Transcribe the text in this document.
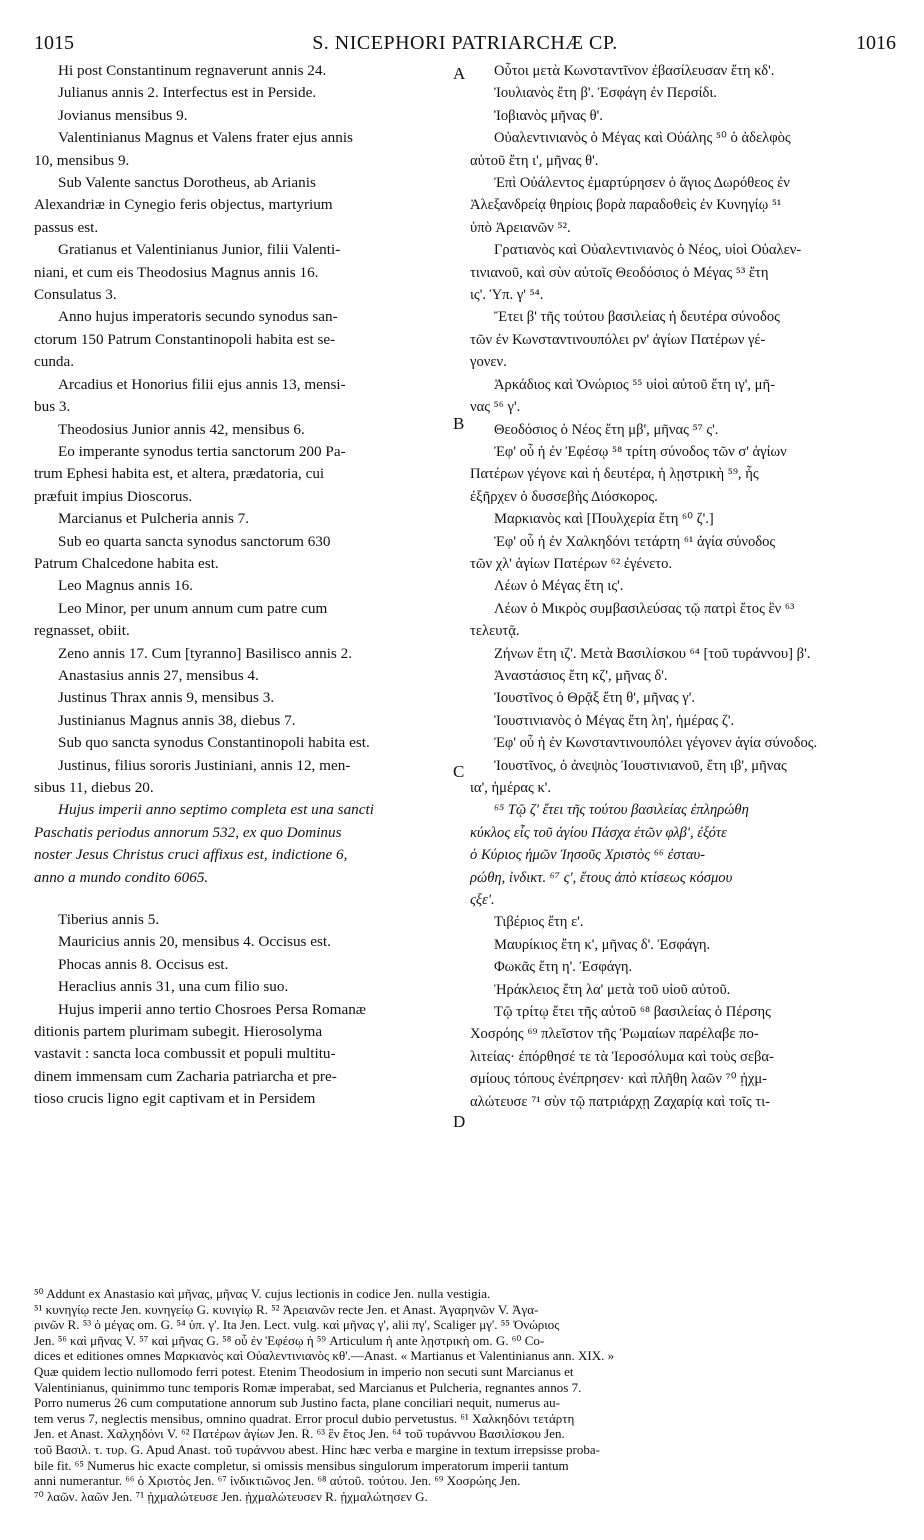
1015	S. NICEPHORI PATRIARCHÆ CP.	1016
Hi post Constantinum regnaverunt annis 24.
Julianus annis 2. Interfectus est in Perside.
Jovianus mensibus 9.
Valentinianus Magnus et Valens frater ejus annis
10, mensibus 9.
Sub Valente sanctus Dorotheus, ab Arianis
Alexandriæ in Cynegio feris objectus, martyrium
passus est.
Gratianus et Valentinianus Junior, filii Valenti-
niani, et cum eis Theodosius Magnus annis 16.
Consulatus 3.
Anno hujus imperatoris secundo synodus san-
ctorum 150 Patrum Constantinopoli habita est se-
cunda.
Arcadius et Honorius filii ejus annis 13, mensi-
bus 3.
Theodosius Junior annis 42, mensibus 6.
Eo imperante synodus tertia sanctorum 200 Pa-
trum Ephesi habita est, et altera, prædatoria, cui
præfuit impius Dioscorus.
Marcianus et Pulcheria annis 7.
Sub eo quarta sancta synodus sanctorum 630
Patrum Chalcedone habita est.
Leo Magnus annis 16.
Leo Minor, per unum annum cum patre cum
regnasset, obiit.
Zeno annis 17. Cum [tyranno] Basilisco annis 2.
Anastasius annis 27, mensibus 4.
Justinus Thrax annis 9, mensibus 3.
Justinianus Magnus annis 38, diebus 7.
Sub quo sancta synodus Constantinopoli habita est.
Justinus, filius sororis Justiniani, annis 12, men-
sibus 11, diebus 20.
Hujus imperii anno septimo completa est una sancti
Paschatis periodus annorum 532, ex quo Dominus
noster Jesus Christus cruci affixus est, indictione 6,
anno a mundo condito 6065.
Tiberius annis 5.
Mauricius annis 20, mensibus 4. Occisus est.
Phocas annis 8. Occisus est.
Heraclius annis 31, una cum filio suo.
Hujus imperii anno tertio Chosroes Persa Romanæ
ditionis partem plurimam subegit. Hierosolyma
vastavit : sancta loca combussit et populi multitu-
dinem immensam cum Zacharia patriarcha et pre-
tioso crucis ligno egit captivam et in Persidem
Οὗτοι μετὰ Κωνσταντῖνον ἐβασίλευσαν ἔτη κδ'.
Ἰουλιανὸς ἔτη β'. Ἐσφάγη ἐν Περσίδι.
Ἰοβιανὸς μῆνας θ'.
Οὐαλεντινιανὸς ὁ Μέγας καὶ Οὐάλης ⁵⁰ ὁ ἀδελφὸς
αὐτοῦ ἔτη ι', μῆνας θ'.
Ἐπὶ Οὐάλεντος ἐμαρτύρησεν ὁ ἅγιος Δωρόθεος ἐν
Ἀλεξανδρείᾳ θηρίοις βορὰ παραδοθεὶς ἐν Κυνηγίῳ ⁵¹
ὑπὸ Ἀρειανῶν ⁵².
Γρατιανὸς καὶ Οὐαλεντινιανὸς ὁ Νέος, υἱοὶ Οὐαλεν-
τινιανοῦ, καὶ σὺν αὐτοῖς Θεοδόσιος ὁ Μέγας ⁵³ ἔτη
ις'. Ὑπ. γ' ⁵⁴.
Ἔτει β' τῆς τούτου βασιλείας ἡ δευτέρα σύνοδος
τῶν ἐν Κωνσταντινουπόλει ρν' ἁγίων Πατέρων γέ-
γονεν.
Ἀρκάδιος καὶ Ὀνώριος ⁵⁵ υἱοὶ αὐτοῦ ἔτη ιγ', μῆ-
νας ⁵⁶ γ'.
Θεοδόσιος ὁ Νέος ἔτη μβ', μῆνας ⁵⁷ ς'.
Ἐφ' οὗ ἡ ἐν Ἐφέσῳ ⁵⁸ τρίτη σύνοδος τῶν σ' ἁγίων
Πατέρων γέγονε καὶ ἡ δευτέρα, ἡ λῃστρικὴ ⁵⁹, ἧς
ἐξῆρχεν ὁ δυσσεβὴς Διόσκορος.
Μαρκιανὸς καὶ [Πουλχερία ἔτη ⁶⁰ ζ'.]
Ἐφ' οὗ ἡ ἐν Χαλκηδόνι τετάρτη ⁶¹ ἁγία σύνοδος
τῶν χλ' ἁγίων Πατέρων ⁶² ἐγένετο.
Λέων ὁ Μέγας ἔτη ις'.
Λέων ὁ Μικρὸς συμβασιλεύσας τῷ πατρὶ ἔτος ἓν ⁶³
τελευτᾷ.
Ζήνων ἔτη ιζ'. Μετὰ Βασιλίσκου ⁶⁴ [τοῦ τυράννου] β'.
Ἀναστάσιος ἔτη κζ', μῆνας δ'.
Ἰουστῖνος ὁ Θρᾷξ ἔτη θ', μῆνας γ'.
Ἰουστινιανὸς ὁ Μέγας ἔτη λη', ἡμέρας ζ'.
Ἐφ' οὗ ἡ ἐν Κωνσταντινουπόλει γέγονεν ἁγία σύνοδος.
Ἰουστῖνος, ὁ ἀνεψιὸς Ἰουστινιανοῦ, ἔτη ιβ', μῆνας
ια', ἡμέρας κ'.
⁶⁵ Τῷ ζ' ἔτει τῆς τούτου βασιλείας ἐπληρώθη
κύκλος εἷς τοῦ ἁγίου Πάσχα ἐτῶν φλβ', ἐξότε
ὁ Κύριος ἡμῶν Ἰησοῦς Χριστὸς ⁶⁶ ἐσταυ-
ρώθη, ἰνδικτ. ⁶⁷ ς', ἔτους ἀπὸ κτίσεως κόσμου
ςξε'.
Τιβέριος ἔτη ε'.
Μαυρίκιος ἔτη κ', μῆνας δ'. Ἐσφάγη.
Φωκᾶς ἔτη η'. Ἐσφάγη.
Ἡράκλειος ἔτη λα' μετὰ τοῦ υἱοῦ αὐτοῦ.
Τῷ τρίτῳ ἔτει τῆς αὐτοῦ ⁶⁸ βασιλείας ὁ Πέρσης
Χοσρόης ⁶⁹ πλεῖστον τῆς Ῥωμαίων παρέλαβε πο-
λιτείας· ἐπόρθησέ τε τὰ Ἱεροσόλυμα καὶ τοὺς σεβα-
σμίους τόπους ἐνέπρησεν· καὶ πλῆθη λαῶν ⁷⁰ ᾐχμ-
αλώτευσε ⁷¹ σὺν τῷ πατριάρχῃ Ζαχαρίᾳ καὶ τοῖς τι-
A
B
C
D
⁵⁰ Addunt ex Anastasio καὶ μῆνας, μῆνας V. cujus lectionis in codice Jen. nulla vestigia.
⁵¹ κυνηγίῳ recte Jen. κυνηγείῳ G. κυνιγίῳ R. ⁵² Ἀρειανῶν recte Jen. et Anast. Ἀγαρηνῶν V. Ἀγα-
ρινῶν R. ⁵³ ὁ μέγας om. G. ⁵⁴ ὑπ. γ'. Ita Jen. Lect. vulg. καὶ μῆνας γ', alii πγ', Scaliger μγ'. ⁵⁵ Ὀνώριος
Jen. ⁵⁶ καὶ μῆνας V. ⁵⁷ καὶ μῆνας G. ⁵⁸ οὗ ἐν Ἐφέσῳ ἡ ⁵⁹ Articulum ἡ ante λῃστρικὴ om. G. ⁶⁰ Co-
dices et editiones omnes Μαρκιανὸς καὶ Οὐαλεντινιανὸς κθ'.—Anast. « Martianus et Valentinianus ann. XIX. »
Quæ quidem lectio nullomodo ferri potest. Etenim Theodosium in imperio non secuti sunt Marcianus et
Valentinianus, quinimmo tunc temporis Romæ imperabat, sed Marcianus et Pulcheria, regnantes annos 7.
Porro numerus 26 cum computatione annorum sub Justino facta, plane conciliari nequit, numerus au-
tem verus 7, neglectis mensibus, omnino quadrat. Error procul dubio pervetustus. ⁶¹ Χαλκηδόνι τετάρτη
Jen. et Anast. Χαλχηδόνι V. ⁶² Πατέρων ἁγίων Jen. R. ⁶³ ἓν ἔτος Jen. ⁶⁴ τοῦ τυράννου Βασιλίσκου Jen.
τοῦ Βασιλ. τ. τυρ. G. Apud Anast. τοῦ τυράννου abest. Hinc hæc verba e margine in textum irrepsisse proba-
bile fit. ⁶⁵ Numerus hic exacte completur, si omissis mensibus singulorum imperatorum imperii tantum
anni numerantur. ⁶⁶ ὁ Χριστὸς Jen. ⁶⁷ ἰνδικτιῶνος Jen. ⁶⁸ αὐτοῦ. τούτου. Jen. ⁶⁹ Χοσρώης Jen.
⁷⁰ λαῶν. λαῶν Jen. ⁷¹ ᾐχμαλώτευσε Jen. ᾐχμαλώτευσεν R. ᾐχμαλώτησεν G.
